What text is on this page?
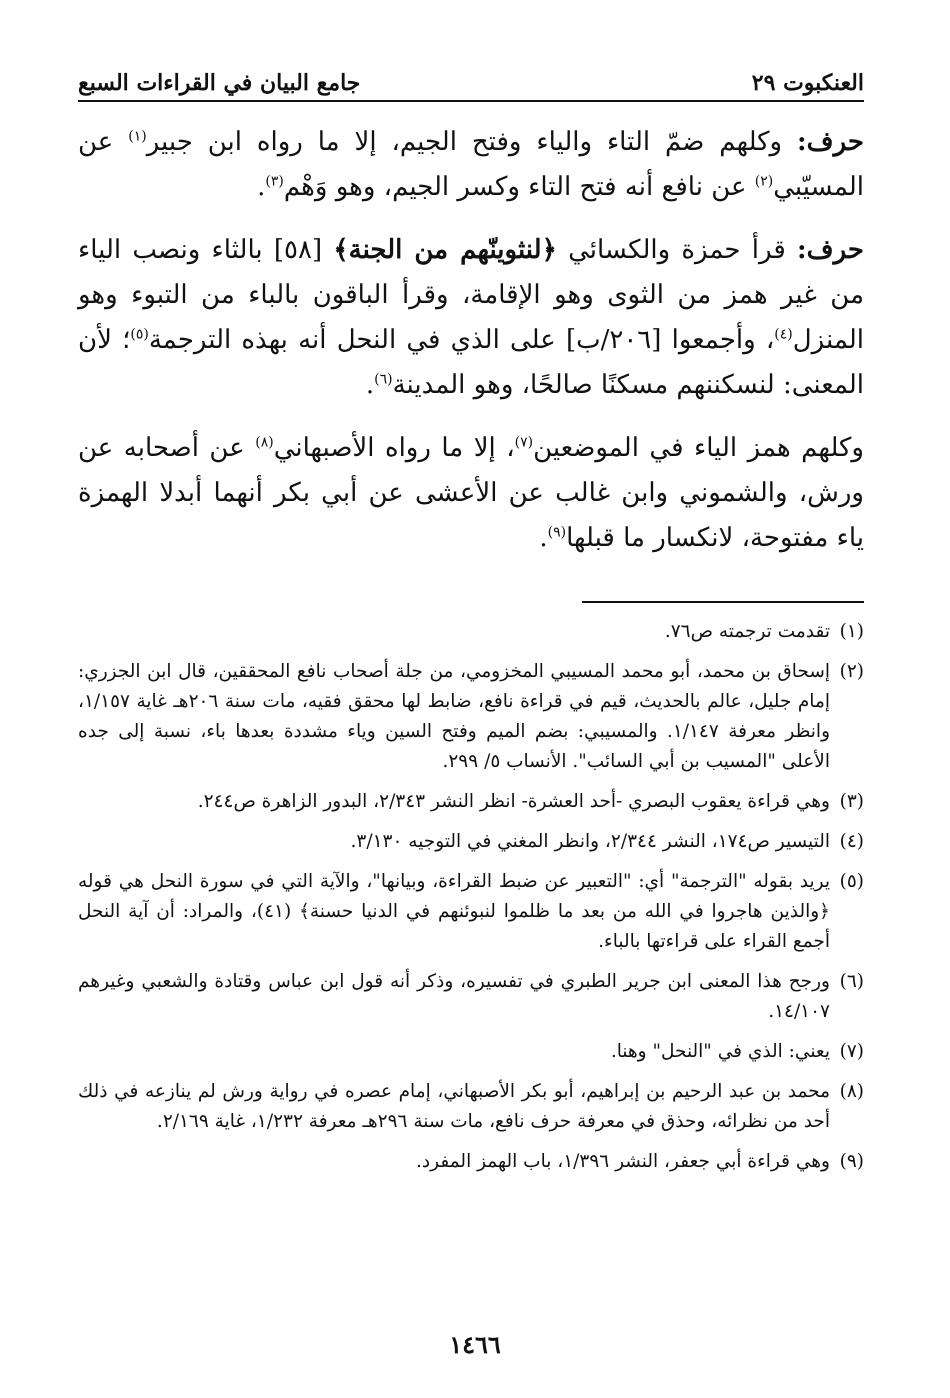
العنكبوت ٢٩
جامع البيان في القراءات السبع

حرف: وكلهم ضمّ التاء والياء وفتح الجيم، إلا ما رواه ابن جبير$^{(١)}$ عن المسيّبي$^{(٢)}$ عن نافع أنه فتح التاء وكسر الجيم، وهو وَهْم$^{(٣)}$.

حرف: قرأ حمزة والكسائي ﴿لنثوينّهم من الجنة﴾ [٥٨] بالثاء ونصب الياء من غير همز من الثوى وهو الإقامة، وقرأ الباقون بالباء من التبوء وهو المنزل$^{(٤)}$، وأجمعوا [٢٠٦/ب] على الذي في النحل أنه بهذه الترجمة$^{(٥)}$؛ لأن المعنى: لنسكننهم مسكنًا صالحًا، وهو المدينة$^{(٦)}$.

وكلهم همز الياء في الموضعين$^{(٧)}$، إلا ما رواه الأصبهاني$^{(٨)}$ عن أصحابه عن ورش، والشموني وابن غالب عن الأعشى عن أبي بكر أنهما أبدلا الهمزة ياء مفتوحة، لانكسار ما قبلها$^{(٩)}$.

(١)
تقدمت ترجمته ص٧٦.
(٢)
إسحاق بن محمد، أبو محمد المسيبي المخزومي، من جلة أصحاب نافع المحققين، قال ابن الجزري: إمام جليل، عالم بالحديث، قيم في قراءة نافع، ضابط لها محقق فقيه، مات سنة ٢٠٦هـ غاية ١/١٥٧، وانظر معرفة ١/١٤٧. والمسيبي: بضم الميم وفتح السين وياء مشددة بعدها باء، نسبة إلى جده الأعلى "المسيب بن أبي السائب". الأنساب ٥/ ٢٩٩.
(٣)
وهي قراءة يعقوب البصري -أحد العشرة- انظر النشر ٢/٣٤٣، البدور الزاهرة ص٢٤٤.
(٤)
التيسير ص١٧٤، النشر ٢/٣٤٤، وانظر المغني في التوجيه ٣/١٣٠.
(٥)
يريد بقوله "الترجمة" أي: "التعبير عن ضبط القراءة، وبيانها"، والآية التي في سورة النحل هي قوله ﴿والذين هاجروا في الله من بعد ما ظلموا لنبوئنهم في الدنيا حسنة﴾ (٤١)، والمراد: أن آية النحل أجمع القراء على قراءتها بالباء.
(٦)
ورجح هذا المعنى ابن جرير الطبري في تفسيره، وذكر أنه قول ابن عباس وقتادة والشعبي وغيرهم ١٤/١٠٧.
(٧)
يعني: الذي في "النحل" وهنا.
(٨)
محمد بن عبد الرحيم بن إبراهيم، أبو بكر الأصبهاني، إمام عصره في رواية ورش لم ينازعه في ذلك أحد من نظرائه، وحذق في معرفة حرف نافع، مات سنة ٢٩٦هـ معرفة ١/٢٣٢، غاية ٢/١٦٩.
(٩)
وهي قراءة أبي جعفر، النشر ١/٣٩٦، باب الهمز المفرد.
١٤٦٦
